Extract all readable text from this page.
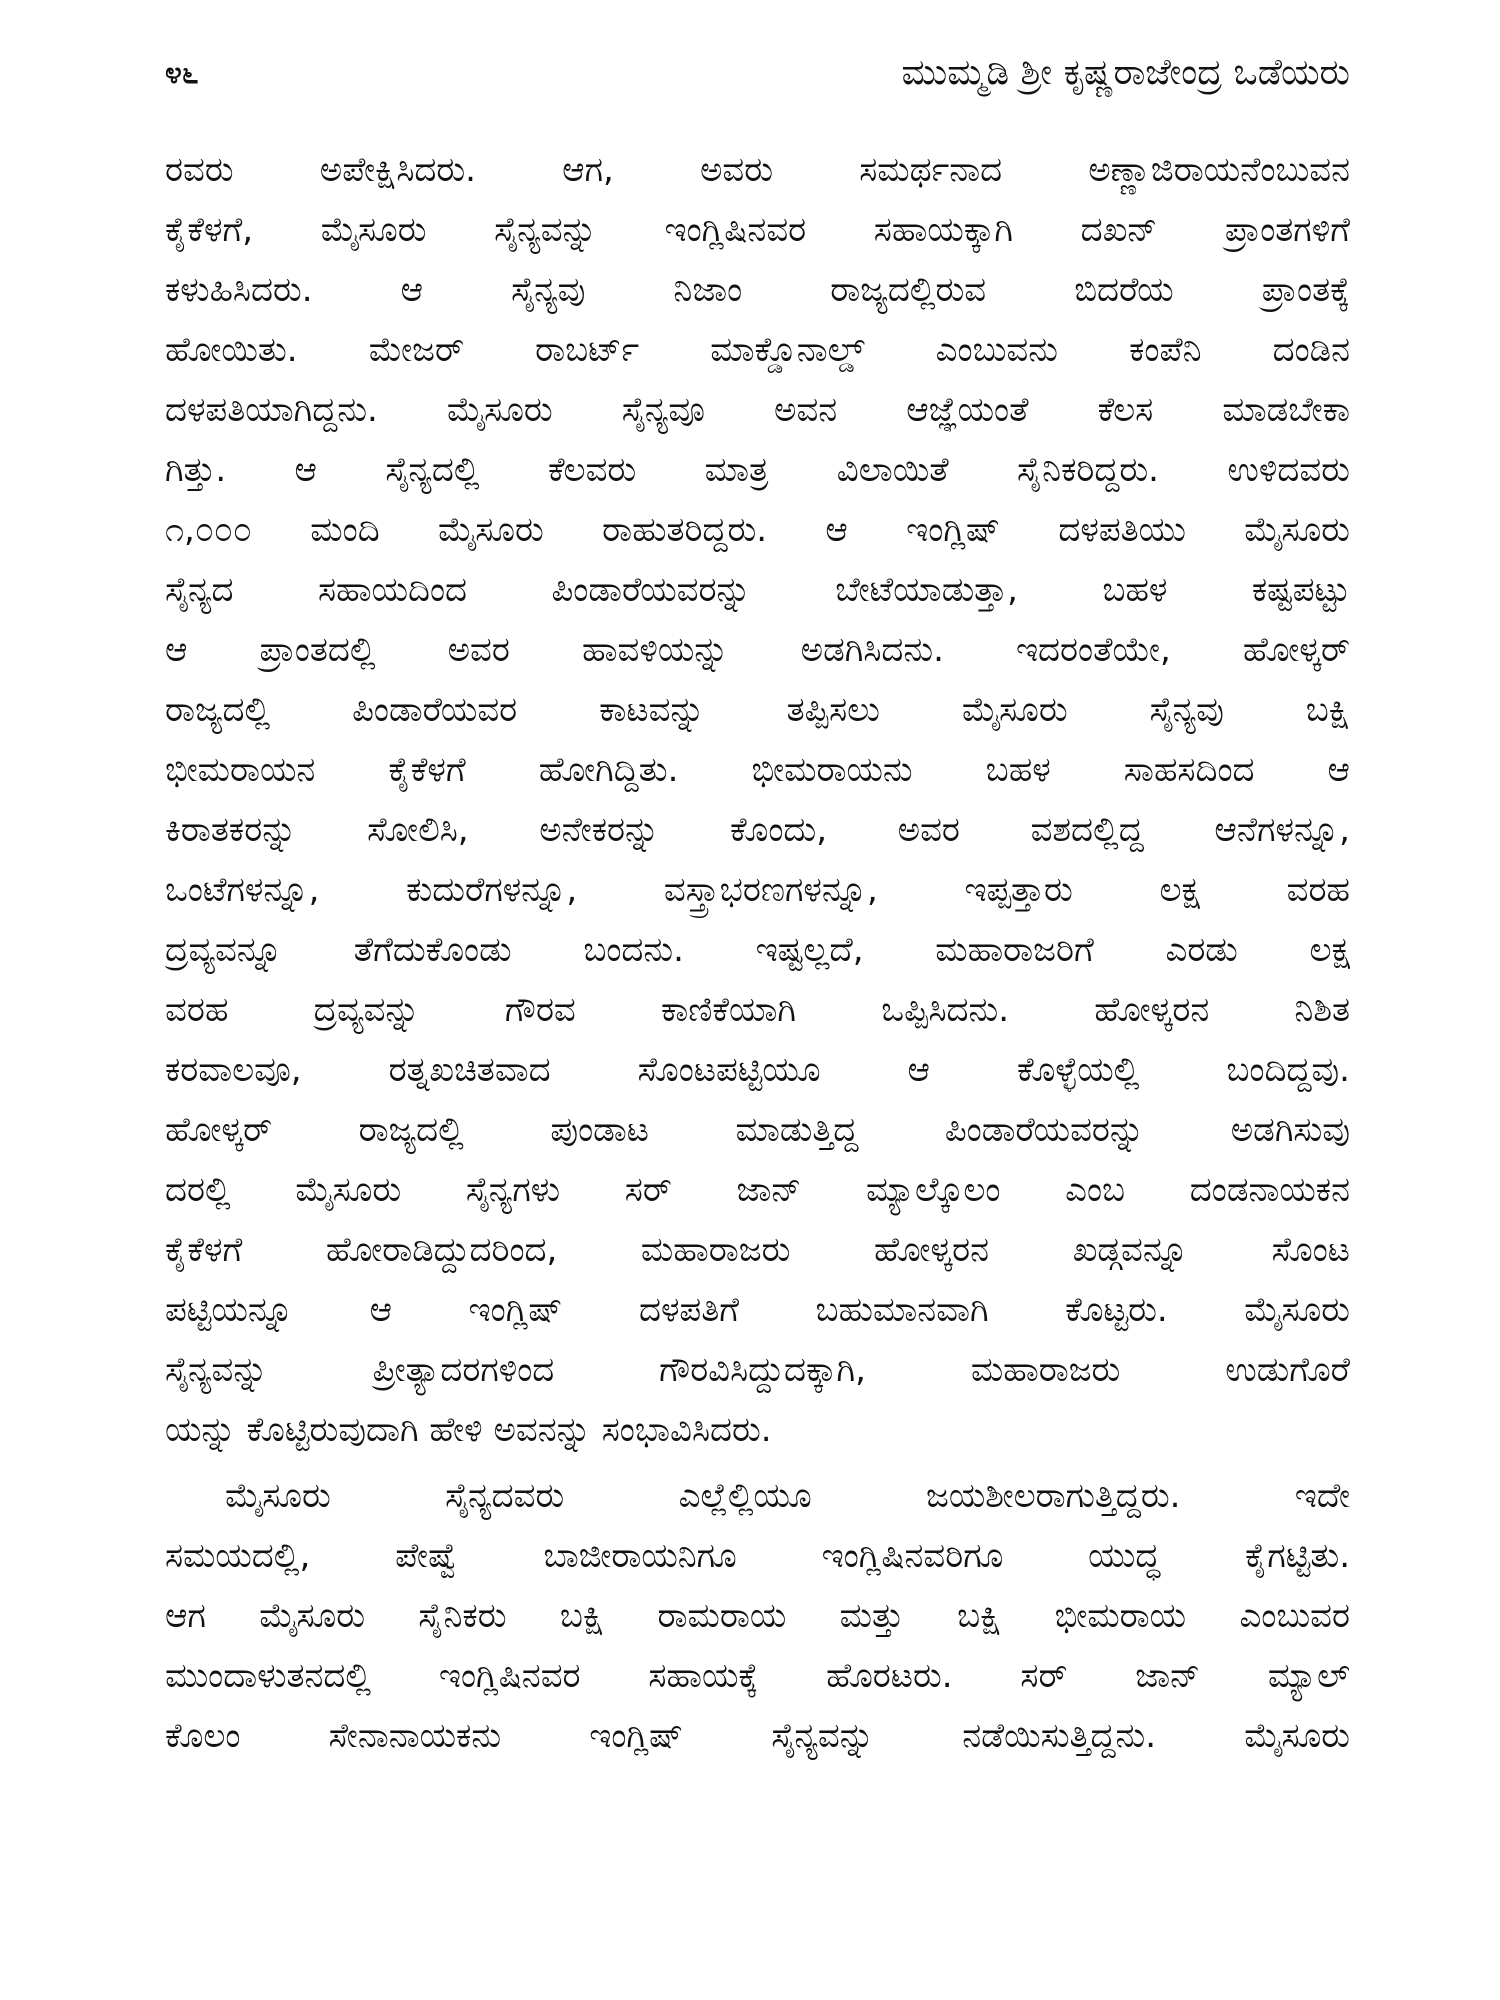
೪೬	ಮುಮ್ಮಡಿ ಶ್ರೀ ಕೃಷ್ಣರಾಜೇಂದ್ರ ಒಡೆಯರು
ರವರು ಅಪೇಕ್ಷಿಸಿದರು. ಆಗ, ಅವರು ಸಮರ್ಥನಾದ ಅಣ್ಣಾಜಿರಾಯನೆಂಬುವನ
ಕೈಕೆಳಗೆ, ಮೈಸೂರು ಸೈನ್ಯವನ್ನು ಇಂಗ್ಲಿಷಿನವರ ಸಹಾಯಕ್ಕಾಗಿ ದಖನ್ ಪ್ರಾಂತಗಳಿಗೆ
ಕಳುಹಿಸಿದರು. ಆ ಸೈನ್ಯವು ನಿಜಾಂ ರಾಜ್ಯದಲ್ಲಿರುವ ಬಿದರೆಯ ಪ್ರಾಂತಕ್ಕೆ
ಹೋಯಿತು. ಮೇಜರ್ ರಾಬರ್ಟ್ ಮಾಕ್ಡೊನಾಲ್ಡ್ ಎಂಬುವನು ಕಂಪೆನಿ ದಂಡಿನ
ದಳಪತಿಯಾಗಿದ್ದನು. ಮೈಸೂರು ಸೈನ್ಯವೂ ಅವನ ಆಜ್ಞೆಯಂತೆ ಕೆಲಸ ಮಾಡಬೇಕಾ
ಗಿತ್ತು. ಆ ಸೈನ್ಯದಲ್ಲಿ ಕೆಲವರು ಮಾತ್ರ ವಿಲಾಯಿತೆ ಸೈನಿಕರಿದ್ದರು. ಉಳಿದವರು
೧,೦೦೦ ಮಂದಿ ಮೈಸೂರು ರಾಹುತರಿದ್ದರು. ಆ ಇಂಗ್ಲಿಷ್ ದಳಪತಿಯು ಮೈಸೂರು
ಸೈನ್ಯದ ಸಹಾಯದಿಂದ ಪಿಂಡಾರೆಯವರನ್ನು ಬೇಟೆಯಾಡುತ್ತಾ, ಬಹಳ ಕಷ್ಟಪಟ್ಟು
ಆ ಪ್ರಾಂತದಲ್ಲಿ ಅವರ ಹಾವಳಿಯನ್ನು ಅಡಗಿಸಿದನು. ಇದರಂತೆಯೇ, ಹೋಳ್ಕರ್
ರಾಜ್ಯದಲ್ಲಿ ಪಿಂಡಾರೆಯವರ ಕಾಟವನ್ನು ತಪ್ಪಿಸಲು ಮೈಸೂರು ಸೈನ್ಯವು ಬಕ್ಷಿ
ಭೀಮರಾಯನ ಕೈಕೆಳಗೆ ಹೋಗಿದ್ದಿತು. ಭೀಮರಾಯನು ಬಹಳ ಸಾಹಸದಿಂದ ಆ
ಕಿರಾತಕರನ್ನು ಸೋಲಿಸಿ, ಅನೇಕರನ್ನು ಕೊಂದು, ಅವರ ವಶದಲ್ಲಿದ್ದ ಆನೆಗಳನ್ನೂ,
ಒಂಟೆಗಳನ್ನೂ, ಕುದುರೆಗಳನ್ನೂ, ವಸ್ತ್ರಾಭರಣಗಳನ್ನೂ, ಇಪ್ಪತ್ತಾರು ಲಕ್ಷ ವರಹ
ದ್ರವ್ಯವನ್ನೂ ತೆಗೆದುಕೊಂಡು ಬಂದನು. ಇಷ್ಟಲ್ಲದೆ, ಮಹಾರಾಜರಿಗೆ ಎರಡು ಲಕ್ಷ
ವರಹ ದ್ರವ್ಯವನ್ನು ಗೌರವ ಕಾಣಿಕೆಯಾಗಿ ಒಪ್ಪಿಸಿದನು. ಹೋಳ್ಕರನ ನಿಶಿತ
ಕರವಾಲವೂ, ರತ್ನಖಚಿತವಾದ ಸೊಂಟಪಟ್ಟಿಯೂ ಆ ಕೊಳ್ಳೆಯಲ್ಲಿ ಬಂದಿದ್ದವು.
ಹೋಳ್ಕರ್ ರಾಜ್ಯದಲ್ಲಿ ಪುಂಡಾಟ ಮಾಡುತ್ತಿದ್ದ ಪಿಂಡಾರೆಯವರನ್ನು ಅಡಗಿಸುವು
ದರಲ್ಲಿ ಮೈಸೂರು ಸೈನ್ಯಗಳು ಸರ್ ಜಾನ್ ಮ್ಯಾಲ್ಕೊಲಂ ಎಂಬ ದಂಡನಾಯಕನ
ಕೈಕೆಳಗೆ ಹೋರಾಡಿದ್ದುದರಿಂದ, ಮಹಾರಾಜರು ಹೋಳ್ಕರನ ಖಡ್ಗವನ್ನೂ ಸೊಂಟ
ಪಟ್ಟಿಯನ್ನೂ ಆ ಇಂಗ್ಲಿಷ್ ದಳಪತಿಗೆ ಬಹುಮಾನವಾಗಿ ಕೊಟ್ಟರು. ಮೈಸೂರು
ಸೈನ್ಯವನ್ನು ಪ್ರೀತ್ಯಾದರಗಳಿಂದ ಗೌರವಿಸಿದ್ದುದಕ್ಕಾಗಿ, ಮಹಾರಾಜರು ಉಡುಗೊರೆ
ಯನ್ನು ಕೊಟ್ಟಿರುವುದಾಗಿ ಹೇಳಿ ಅವನನ್ನು ಸಂಭಾವಿಸಿದರು.
ಮೈಸೂರು ಸೈನ್ಯದವರು ಎಲ್ಲೆಲ್ಲಿಯೂ ಜಯಶೀಲರಾಗುತ್ತಿದ್ದರು. ಇದೇ
ಸಮಯದಲ್ಲಿ, ಪೇಷ್ವೆ ಬಾಜೀರಾಯನಿಗೂ ಇಂಗ್ಲಿಷಿನವರಿಗೂ ಯುದ್ಧ ಕೈಗಟ್ಟಿತು.
ಆಗ ಮೈಸೂರು ಸೈನಿಕರು ಬಕ್ಷಿ ರಾಮರಾಯ ಮತ್ತು ಬಕ್ಷಿ ಭೀಮರಾಯ ಎಂಬುವರ
ಮುಂದಾಳುತನದಲ್ಲಿ ಇಂಗ್ಲಿಷಿನವರ ಸಹಾಯಕ್ಕೆ ಹೊರಟರು. ಸರ್ ಜಾನ್ ಮ್ಯಾಲ್
ಕೊಲಂ ಸೇನಾನಾಯಕನು ಇಂಗ್ಲಿಷ್ ಸೈನ್ಯವನ್ನು ನಡೆಯಿಸುತ್ತಿದ್ದನು. ಮೈಸೂರು
